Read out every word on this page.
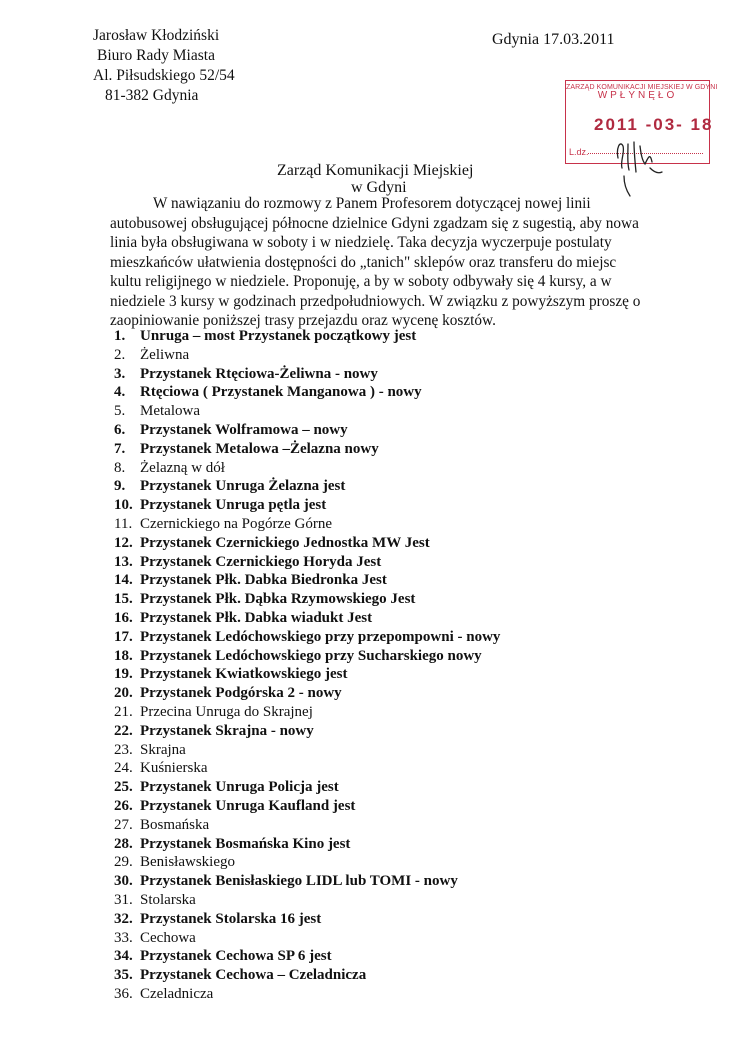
Jarosław Kłodziński
Biuro Rady Miasta
Al. Piłsudskiego 52/54
81-382 Gdynia
Gdynia 17.03.2011
ZARZĄD KOMUNIKACJI MIEJSKIEJ W GDYNI
WPŁYNĘŁO
2011 -03- 18
L.dz.
Zarząd Komunikacji Miejskiej
w Gdyni
W nawiązaniu do rozmowy z Panem Profesorem dotyczącej nowej linii
autobusowej obsługującej północne dzielnice Gdyni zgadzam się z sugestią, aby nowa
linia była obsługiwana w soboty i w niedzielę. Taka decyzja wyczerpuje postulaty
mieszkańców ułatwienia dostępności do „tanich" sklepów oraz transferu do miejsc
kultu religijnego w niedziele. Proponuję, a by w soboty odbywały się 4 kursy, a w
niedziele 3 kursy w godzinach przedpołudniowych. W związku z powyższym proszę o
zaopiniowanie poniższej trasy przejazdu oraz wycenę kosztów.
1. Unruga – most Przystanek początkowy jest
2. Żeliwna
3. Przystanek Rtęciowa-Żeliwna - nowy
4. Rtęciowa ( Przystanek Manganowa ) - nowy
5. Metalowa
6. Przystanek Wolframowa – nowy
7. Przystanek Metalowa –Żelazna nowy
8. Żelazną w dół
9. Przystanek Unruga Żelazna jest
10. Przystanek Unruga pętla jest
11. Czernickiego na Pogórze Górne
12. Przystanek Czernickiego Jednostka MW Jest
13. Przystanek Czernickiego Horyda Jest
14. Przystanek Płk. Dabka Biedronka Jest
15. Przystanek Płk. Dąbka Rzymowskiego Jest
16. Przystanek Płk. Dabka wiadukt Jest
17. Przystanek Ledóchowskiego przy przepompowni - nowy
18. Przystanek Ledóchowskiego przy Sucharskiego nowy
19. Przystanek Kwiatkowskiego jest
20. Przystanek Podgórska 2 - nowy
21. Przecina Unruga do Skrajnej
22. Przystanek Skrajna - nowy
23. Skrajna
24. Kuśnierska
25. Przystanek Unruga Policja jest
26. Przystanek Unruga Kaufland jest
27. Bosmańska
28. Przystanek Bosmańska Kino jest
29. Benisławskiego
30. Przystanek Benisłaskiego LIDL lub TOMI - nowy
31. Stolarska
32. Przystanek Stolarska 16 jest
33. Cechowa
34. Przystanek Cechowa SP 6 jest
35. Przystanek Cechowa – Czeladnicza
36. Czeladnicza
